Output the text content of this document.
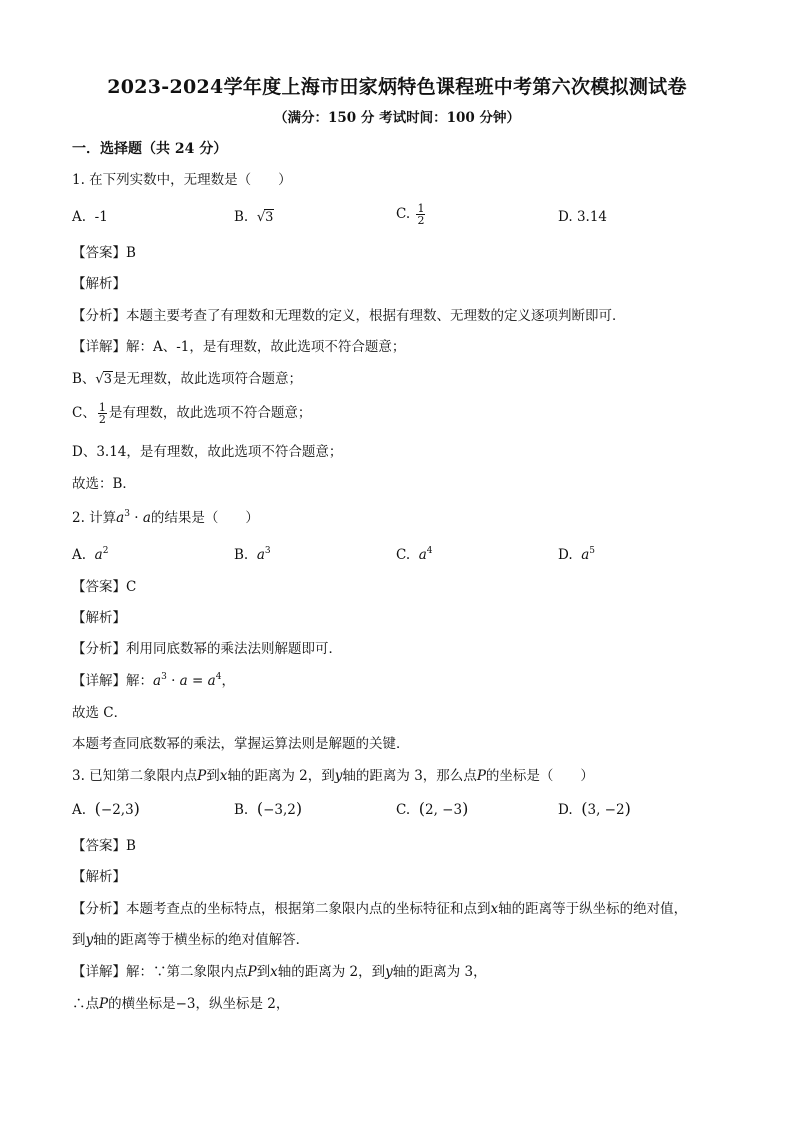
2023-2024学年度上海市田家炳特色课程班中考第六次模拟测试卷
（满分：150 分 考试时间：100 分钟）
一．选择题（共 24 分）
1. 在下列实数中，无理数是（　　）
A. -1	B. √3	C. $\frac{1}{2}$	D. 3.14
【答案】B
【解析】
【分析】本题主要考查了有理数和无理数的定义，根据有理数、无理数的定义逐项判断即可．
【详解】解：A、-1，是有理数，故此选项不符合题意；
B、√3是无理数，故此选项符合题意；
C、 $\frac{1}{2}$ 是有理数，故此选项不符合题意；
D、3.14，是有理数，故此选项不符合题意；
故选：B．
2. 计算$a^3 \cdot a$的结果是（　　）
A. $a^2$	B. $a^3$	C. $a^4$	D. $a^5$
【答案】C
【解析】
【分析】利用同底数幂的乘法法则解题即可．
【详解】解：$a^3 \cdot a = a^4$，
故选 C．
本题考查同底数幂的乘法，掌握运算法则是解题的关键．
3. 已知第二象限内点P到x轴的距离为 2，到y轴的距离为 3，那么点P的坐标是（　　）
A. (−2,3)	B. (−3,2)	C. (2, −3)	D. (3, −2)
【答案】B
【解析】
【分析】本题考查点的坐标特点，根据第二象限内点的坐标特征和点到x轴的距离等于纵坐标的绝对值，
到y轴的距离等于横坐标的绝对值解答．
【详解】解：∵第二象限内点P到x轴的距离为 2，到y轴的距离为 3，
∴点P的横坐标是−3，纵坐标是 2，
